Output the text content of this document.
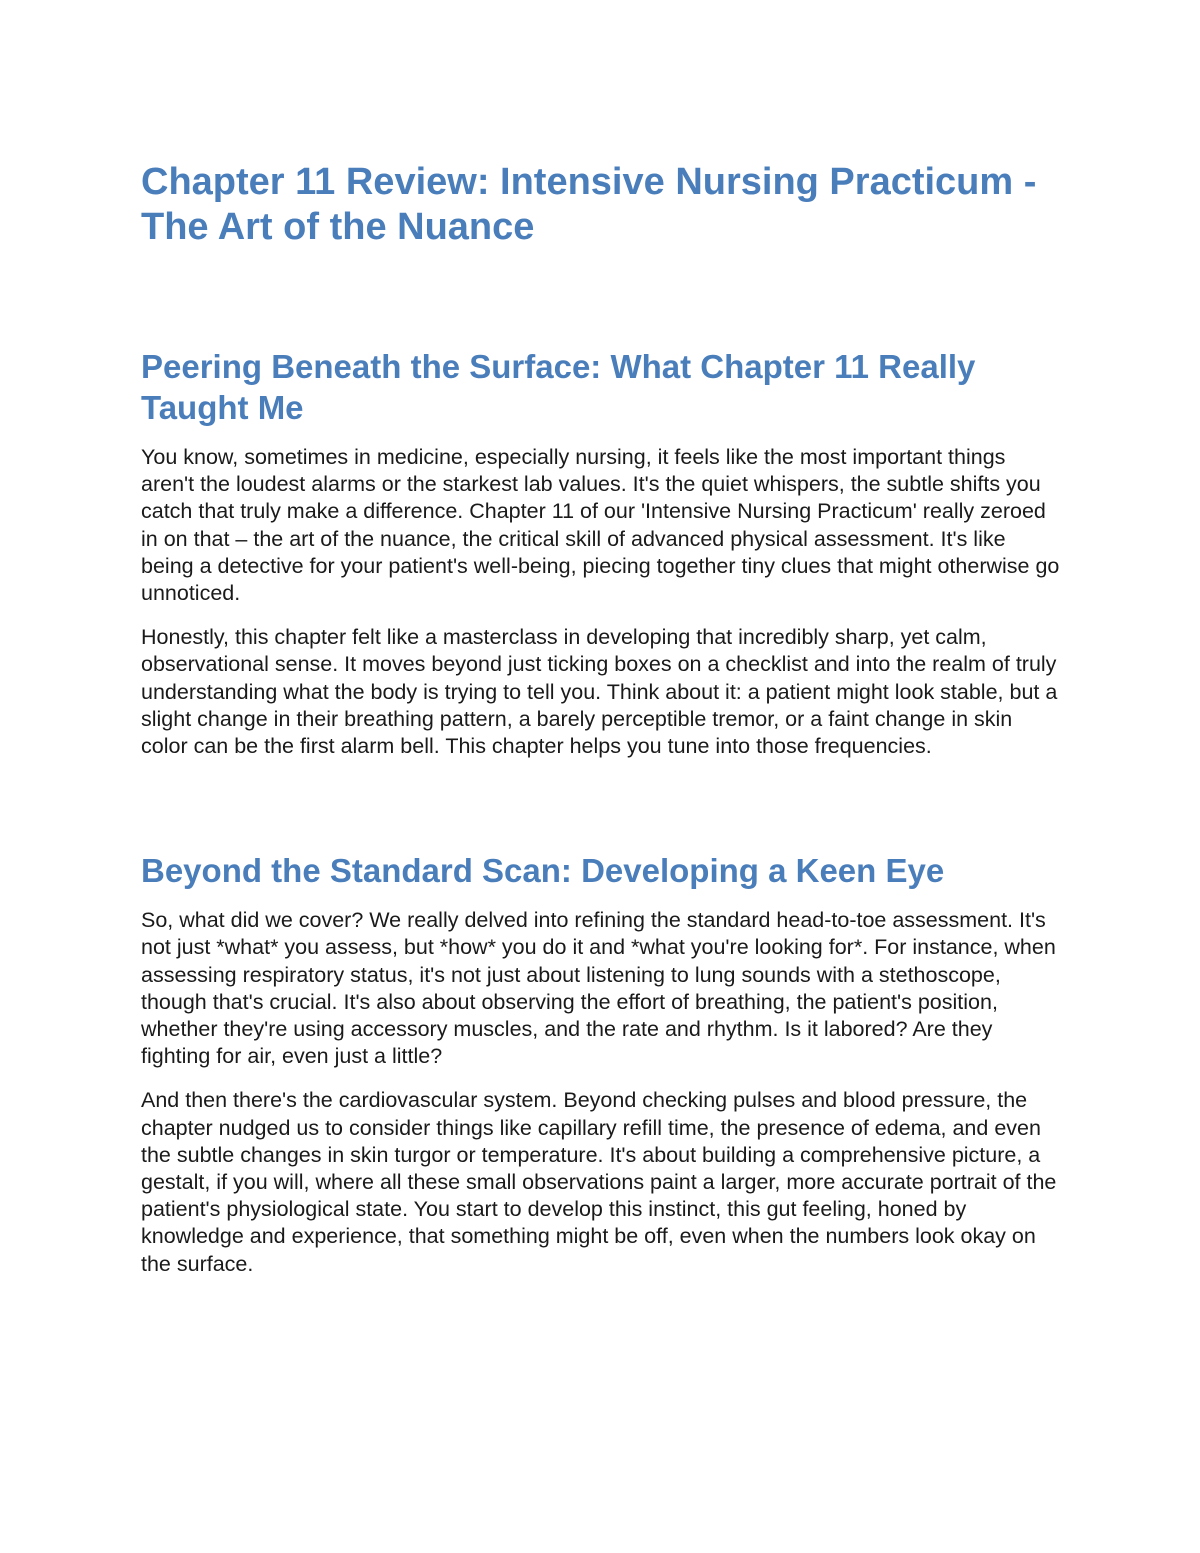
Chapter 11 Review: Intensive Nursing Practicum - The Art of the Nuance
Peering Beneath the Surface: What Chapter 11 Really Taught Me

You know, sometimes in medicine, especially nursing, it feels like the most important things aren't the loudest alarms or the starkest lab values. It's the quiet whispers, the subtle shifts you catch that truly make a difference. Chapter 11 of our 'Intensive Nursing Practicum' really zeroed in on that – the art of the nuance, the critical skill of advanced physical assessment. It's like being a detective for your patient's well-being, piecing together tiny clues that might otherwise go unnoticed.

Honestly, this chapter felt like a masterclass in developing that incredibly sharp, yet calm, observational sense. It moves beyond just ticking boxes on a checklist and into the realm of truly understanding what the body is trying to tell you. Think about it: a patient might look stable, but a slight change in their breathing pattern, a barely perceptible tremor, or a faint change in skin color can be the first alarm bell. This chapter helps you tune into those frequencies.

Beyond the Standard Scan: Developing a Keen Eye

So, what did we cover? We really delved into refining the standard head-to-toe assessment. It's not just *what* you assess, but *how* you do it and *what you're looking for*. For instance, when assessing respiratory status, it's not just about listening to lung sounds with a stethoscope, though that's crucial. It's also about observing the effort of breathing, the patient's position, whether they're using accessory muscles, and the rate and rhythm. Is it labored? Are they fighting for air, even just a little?

And then there's the cardiovascular system. Beyond checking pulses and blood pressure, the chapter nudged us to consider things like capillary refill time, the presence of edema, and even the subtle changes in skin turgor or temperature. It's about building a comprehensive picture, a gestalt, if you will, where all these small observations paint a larger, more accurate portrait of the patient's physiological state. You start to develop this instinct, this gut feeling, honed by knowledge and experience, that something might be off, even when the numbers look okay on the surface.
